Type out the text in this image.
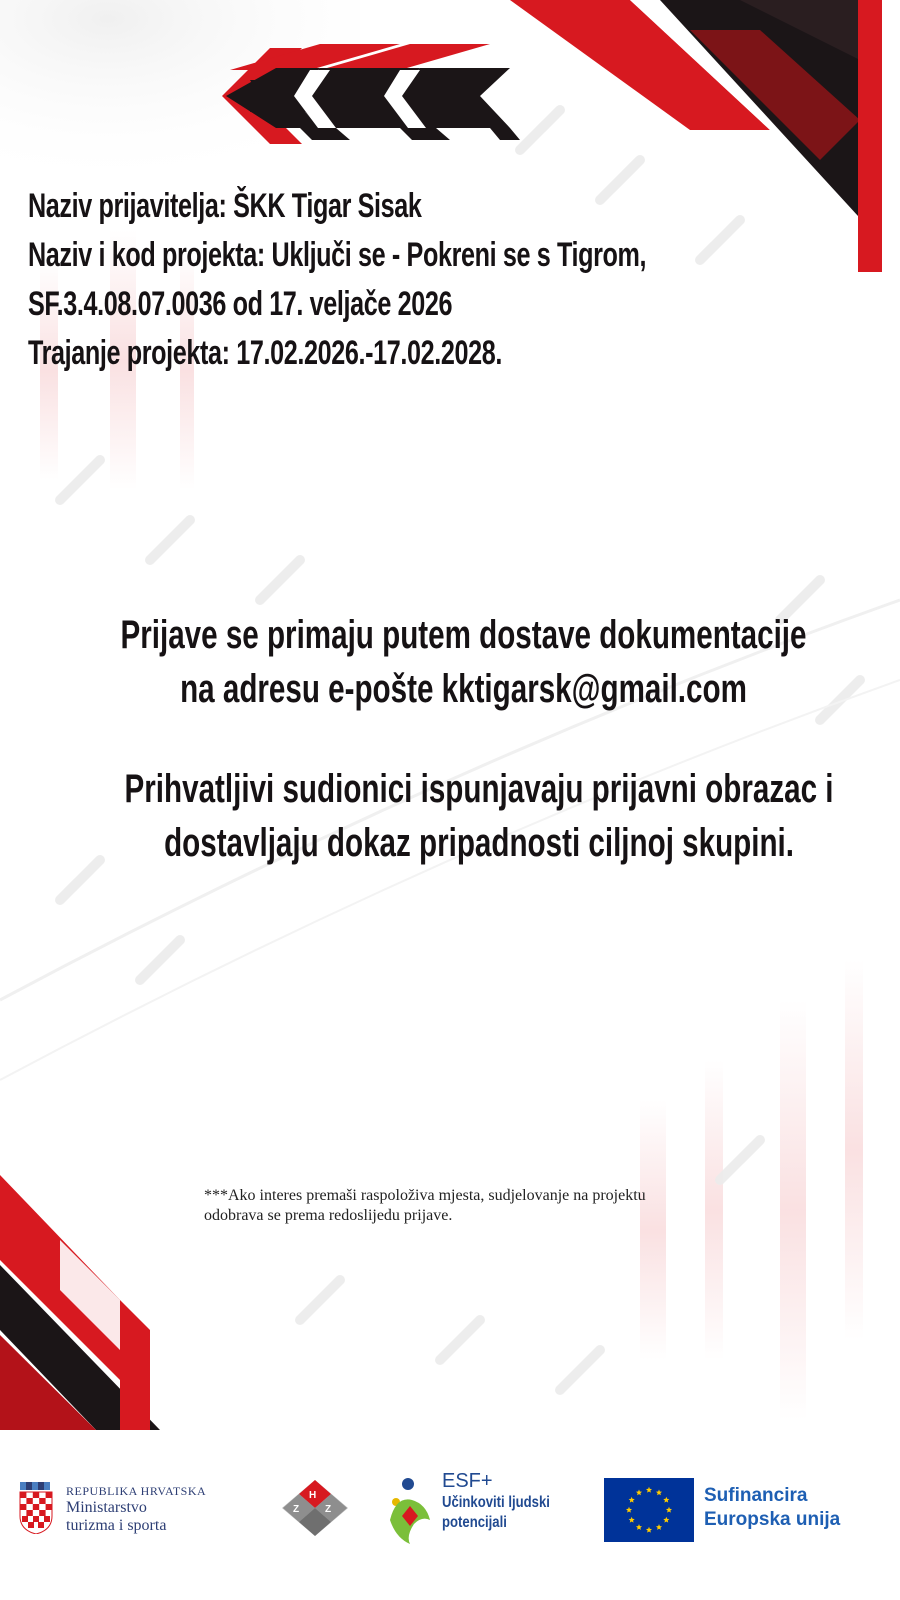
Naziv prijavitelja: ŠKK Tigar Sisak
Naziv i kod projekta: Uključi se - Pokreni se s Tigrom,
SF.3.4.08.07.0036 od 17. veljače 2026
Trajanje projekta: 17.02.2026.-17.02.2028.
Prijave se primaju putem dostave dokumentacije
na adresu e-pošte kktigarsk@gmail.com
Prihvatljivi sudionici ispunjavaju prijavni obrazac i
dostavljaju dokaz pripadnosti ciljnoj skupini.
***Ako interes premaši raspoloživa mjesta, sudjelovanje na projektu
odobrava se prema redoslijedu prijave.
REPUBLIKA HRVATSKA
Ministarstvo
turizma i sporta
H
Z	Z
ESF+
Učinkoviti ljudski
potencijali
Sufinancira
Europska unija
